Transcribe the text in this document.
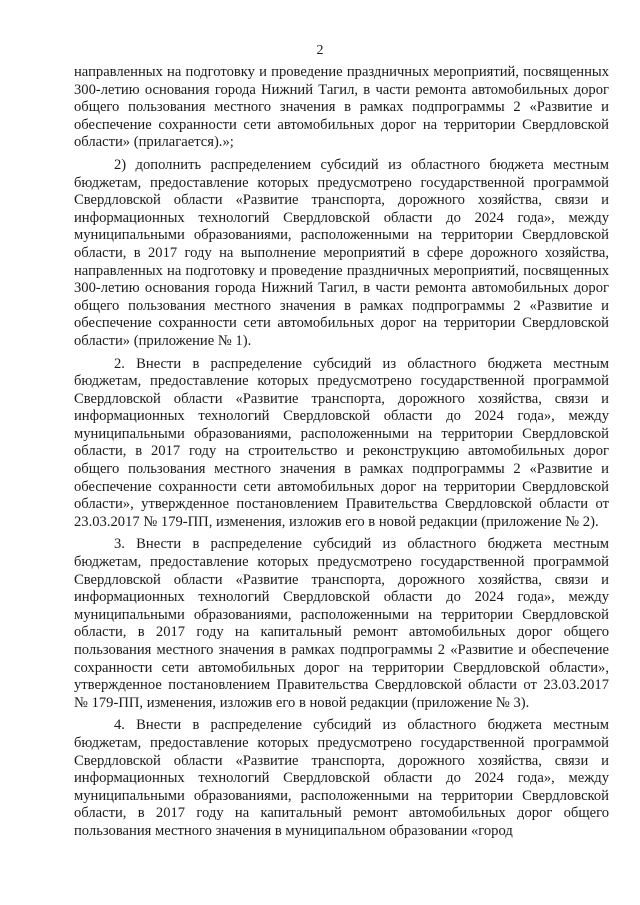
2

направленных на подготовку и проведение праздничных мероприятий, посвященных 300-летию основания города Нижний Тагил, в части ремонта автомобильных дорог общего пользования местного значения в рамках подпрограммы 2 «Развитие и обеспечение сохранности сети автомобильных дорог на территории Свердловской области» (прилагается).»;

2) дополнить распределением субсидий из областного бюджета местным бюджетам, предоставление которых предусмотрено государственной программой Свердловской области «Развитие транспорта, дорожного хозяйства, связи и информационных технологий Свердловской области до 2024 года», между муниципальными образованиями, расположенными на территории Свердловской области, в 2017 году на выполнение мероприятий в сфере дорожного хозяйства, направленных на подготовку и проведение праздничных мероприятий, посвященных 300-летию основания города Нижний Тагил, в части ремонта автомобильных дорог общего пользования местного значения в рамках подпрограммы 2 «Развитие и обеспечение сохранности сети автомобильных дорог на территории Свердловской области» (приложение № 1).

2. Внести в распределение субсидий из областного бюджета местным бюджетам, предоставление которых предусмотрено государственной программой Свердловской области «Развитие транспорта, дорожного хозяйства, связи и информационных технологий Свердловской области до 2024 года», между муниципальными образованиями, расположенными на территории Свердловской области, в 2017 году на строительство и реконструкцию автомобильных дорог общего пользования местного значения в рамках подпрограммы 2 «Развитие и обеспечение сохранности сети автомобильных дорог на территории Свердловской области», утвержденное постановлением Правительства Свердловской области от 23.03.2017 № 179-ПП, изменения, изложив его в новой редакции (приложение № 2).

3. Внести в распределение субсидий из областного бюджета местным бюджетам, предоставление которых предусмотрено государственной программой Свердловской области «Развитие транспорта, дорожного хозяйства, связи и информационных технологий Свердловской области до 2024 года», между муниципальными образованиями, расположенными на территории Свердловской области, в 2017 году на капитальный ремонт автомобильных дорог общего пользования местного значения в рамках подпрограммы 2 «Развитие и обеспечение сохранности сети автомобильных дорог на территории Свердловской области», утвержденное постановлением Правительства Свердловской области от 23.03.2017 № 179-ПП, изменения, изложив его в новой редакции (приложение № 3).

4. Внести в распределение субсидий из областного бюджета местным бюджетам, предоставление которых предусмотрено государственной программой Свердловской области «Развитие транспорта, дорожного хозяйства, связи и информационных технологий Свердловской области до 2024 года», между муниципальными образованиями, расположенными на территории Свердловской области, в 2017 году на капитальный ремонт автомобильных дорог общего пользования местного значения в муниципальном образовании «город
